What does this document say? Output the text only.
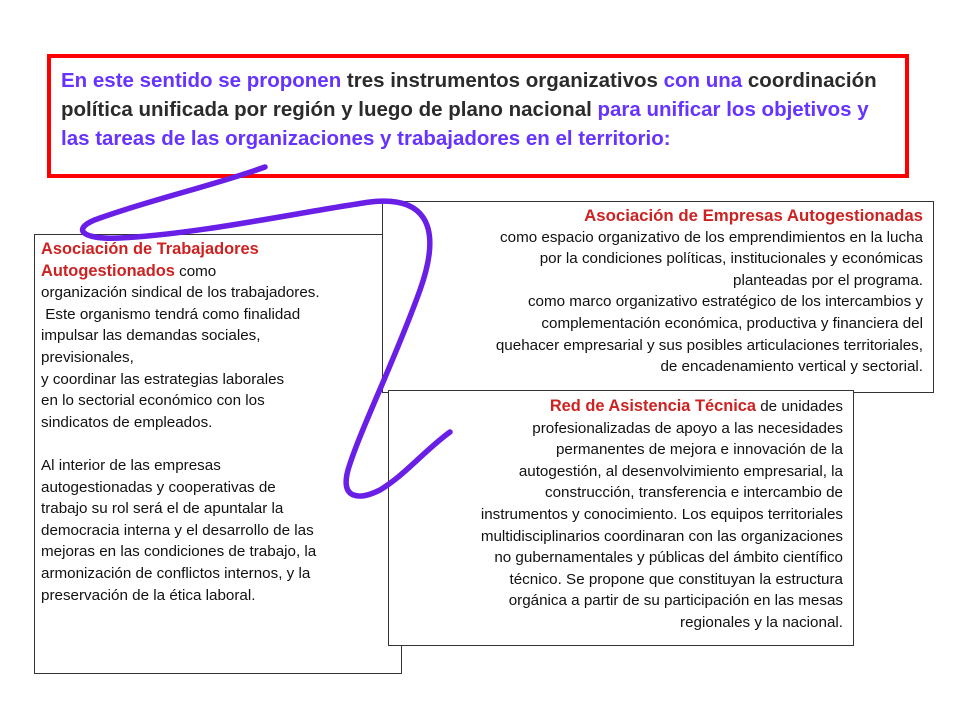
En este sentido se proponen tres instrumentos organizativos con una coordinación política unificada por región y luego de plano nacional para unificar los objetivos y las tareas de las organizaciones y trabajadores en el territorio:
Asociación de Trabajadores
Autogestionados como
organización sindical de los trabajadores.
Este organismo tendrá como finalidad
impulsar las demandas sociales,
previsionales,
y coordinar las estrategias laborales
en lo sectorial económico con los
sindicatos de empleados.
Al interior de las empresas
autogestionadas y cooperativas de
trabajo su rol será el de apuntalar la
democracia interna y el desarrollo de las
mejoras en las condiciones de trabajo, la
armonización de conflictos internos, y la
preservación de la ética laboral.
Asociación de Empresas Autogestionadas
como espacio organizativo de los emprendimientos en la lucha
por la condiciones políticas, institucionales y económicas
planteadas por el programa.
como marco organizativo estratégico de los intercambios y
complementación económica, productiva y financiera del
quehacer empresarial y sus posibles articulaciones territoriales,
de encadenamiento vertical y sectorial.
Red de Asistencia Técnica de unidades
profesionalizadas de apoyo a las necesidades
permanentes de mejora e innovación de la
autogestión, al desenvolvimiento empresarial, la
construcción, transferencia e intercambio de
instrumentos y conocimiento. Los equipos territoriales
multidisciplinarios coordinaran con las organizaciones
no gubernamentales y públicas del ámbito científico
técnico. Se propone que constituyan la estructura
orgánica a partir de su participación en las mesas
regionales y la nacional.
